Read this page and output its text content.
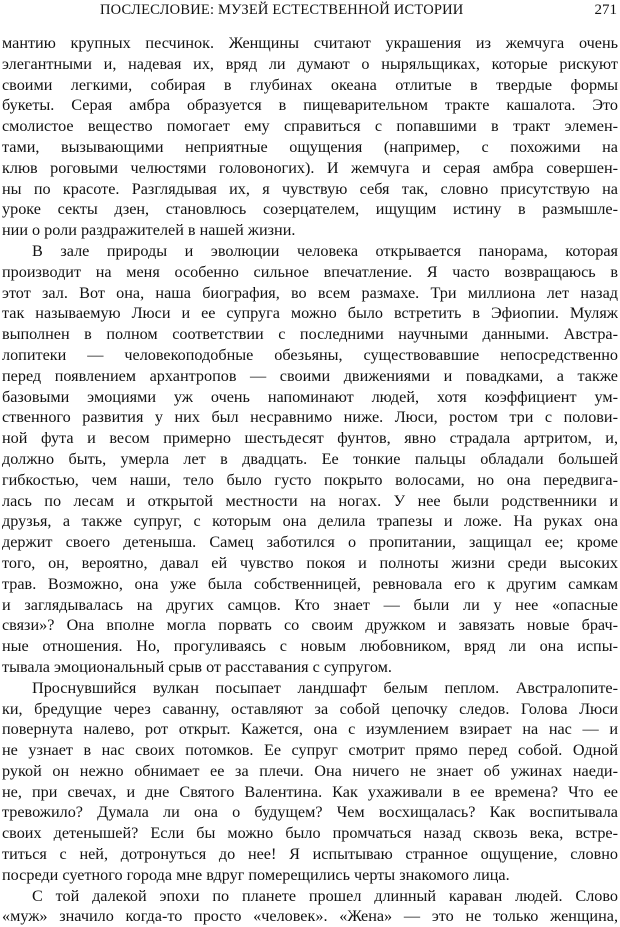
ПОСЛЕСЛОВИЕ: МУЗЕЙ ЕСТЕСТВЕННОЙ ИСТОРИИ	271
мантию крупных песчинок. Женщины считают украшения из жемчуга очень
элегантными и, надевая их, вряд ли думают о ныряльщиках, которые рискуют
своими легкими, собирая в глубинах океана отлитые в твердые формы
букеты. Серая амбра образуется в пищеварительном тракте кашалота. Это
смолистое вещество помогает ему справиться с попавшими в тракт элемен-
тами, вызывающими неприятные ощущения (например, с похожими на
клюв роговыми челюстями головоногих). И жемчуга и серая амбра совершен-
ны по красоте. Разглядывая их, я чувствую себя так, словно присутствую на
уроке секты дзен, становлюсь созерцателем, ищущим истину в размышле-
нии о роли раздражителей в нашей жизни.
В зале природы и эволюции человека открывается панорама, которая
производит на меня особенно сильное впечатление. Я часто возвращаюсь в
этот зал. Вот она, наша биография, во всем размахе. Три миллиона лет назад
так называемую Люси и ее супруга можно было встретить в Эфиопии. Муляж
выполнен в полном соответствии с последними научными данными. Австра-
лопитеки — человекоподобные обезьяны, существовавшие непосредственно
перед появлением архантропов — своими движениями и повадками, а также
базовыми эмоциями уж очень напоминают людей, хотя коэффициент ум-
ственного развития у них был несравнимо ниже. Люси, ростом три с полови-
ной фута и весом примерно шестьдесят фунтов, явно страдала артритом, и,
должно быть, умерла лет в двадцать. Ее тонкие пальцы обладали большей
гибкостью, чем наши, тело было густо покрыто волосами, но она передвига-
лась по лесам и открытой местности на ногах. У нее были родственники и
друзья, а также супруг, с которым она делила трапезы и ложе. На руках она
держит своего детеныша. Самец заботился о пропитании, защищал ее; кроме
того, он, вероятно, давал ей чувство покоя и полноты жизни среди высоких
трав. Возможно, она уже была собственницей, ревновала его к другим самкам
и заглядывалась на других самцов. Кто знает — были ли у нее «опасные
связи»? Она вполне могла порвать со своим дружком и завязать новые брач-
ные отношения. Но, прогуливаясь с новым любовником, вряд ли она испы-
тывала эмоциональный срыв от расставания с супругом.
Проснувшийся вулкан посыпает ландшафт белым пеплом. Австралопите-
ки, бредущие через саванну, оставляют за собой цепочку следов. Голова Люси
повернута налево, рот открыт. Кажется, она с изумлением взирает на нас — и
не узнает в нас своих потомков. Ее супруг смотрит прямо перед собой. Одной
рукой он нежно обнимает ее за плечи. Она ничего не знает об ужинах наеди-
не, при свечах, и дне Святого Валентина. Как ухаживали в ее времена? Что ее
тревожило? Думала ли она о будущем? Чем восхищалась? Как воспитывала
своих детенышей? Если бы можно было промчаться назад сквозь века, встре-
титься с ней, дотронуться до нее! Я испытываю странное ощущение, словно
посреди суетного города мне вдруг померещились черты знакомого лица.
С той далекой эпохи по планете прошел длинный караван людей. Слово
«муж» значило когда-то просто «человек». «Жена» — это не только женщина,
